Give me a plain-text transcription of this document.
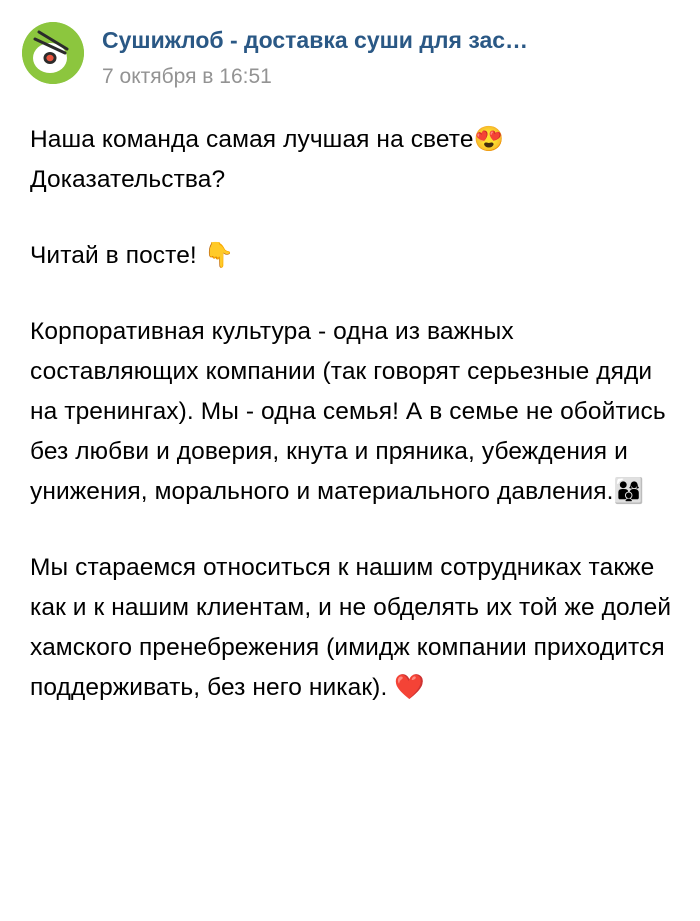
Сушижлоб - доставка суши для зас…
7 октября в 16:51

Наша команда самая лучшая на свете😍 Доказательства?

Читай в посте! 👇

Корпоративная культура - одна из важных составляющих компании (так говорят серьезные дяди на тренингах). Мы - одна семья! А в семье не обойтись без любви и доверия, кнута и пряника, убеждения и унижения, морального и материального давления.👨‍👩‍👦

Мы стараемся относиться к нашим сотрудниках также как и к нашим клиентам, и не обделять их той же долей хамского пренебрежения (имидж компании приходится поддерживать, без него никак). ❤️
